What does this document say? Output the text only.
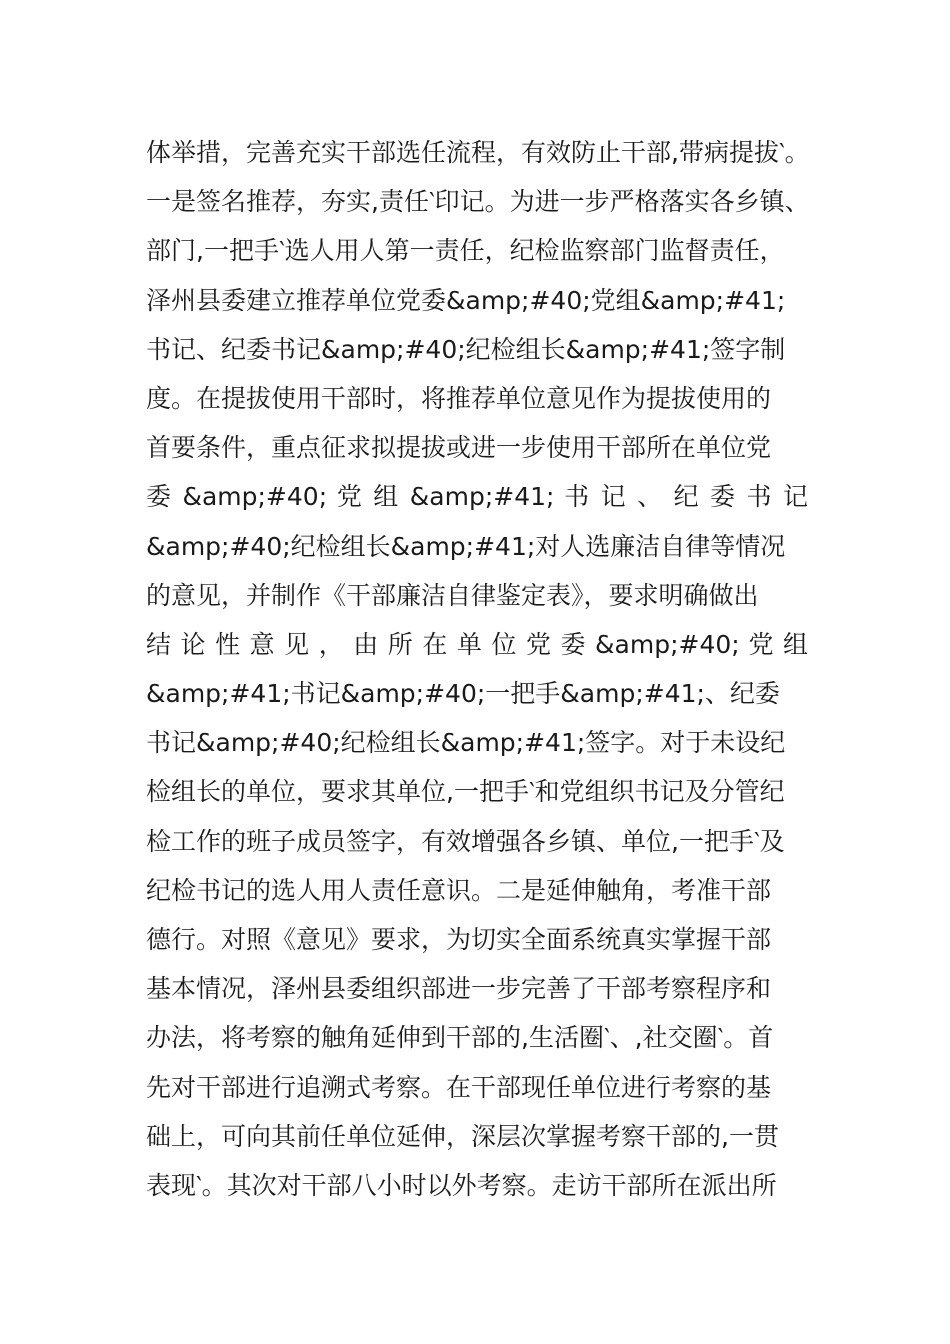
体举措，完善充实干部选任流程，有效防止干部,带病提拔‵。
一是签名推荐，夯实,责任‵印记。为进一步严格落实各乡镇、
部门,一把手‵选人用人第一责任，纪检监察部门监督责任，
泽州县委建立推荐单位党委&amp;#40;党组&amp;#41;
书记、纪委书记&amp;#40;纪检组长&amp;#41;签字制
度。在提拔使用干部时，将推荐单位意见作为提拔使用的
首要条件，重点征求拟提拔或进一步使用干部所在单位党
委 &amp;#40; 党 组 &amp;#41; 书 记 、 纪 委 书 记
&amp;#40;纪检组长&amp;#41;对人选廉洁自律等情况
的意见，并制作《干部廉洁自律鉴定表》，要求明确做出
结 论 性 意 见 ， 由 所 在 单 位 党 委 &amp;#40; 党 组
&amp;#41;书记&amp;#40;一把手&amp;#41;、纪委
书记&amp;#40;纪检组长&amp;#41;签字。对于未设纪
检组长的单位，要求其单位,一把手‵和党组织书记及分管纪
检工作的班子成员签字，有效增强各乡镇、单位,一把手‵及
纪检书记的选人用人责任意识。二是延伸触角，考准干部
德行。对照《意见》要求，为切实全面系统真实掌握干部
基本情况，泽州县委组织部进一步完善了干部考察程序和
办法，将考察的触角延伸到干部的,生活圈‵、,社交圈‵。首
先对干部进行追溯式考察。在干部现任单位进行考察的基
础上，可向其前任单位延伸，深层次掌握考察干部的,一贯
表现‵。其次对干部八小时以外考察。走访干部所在派出所
